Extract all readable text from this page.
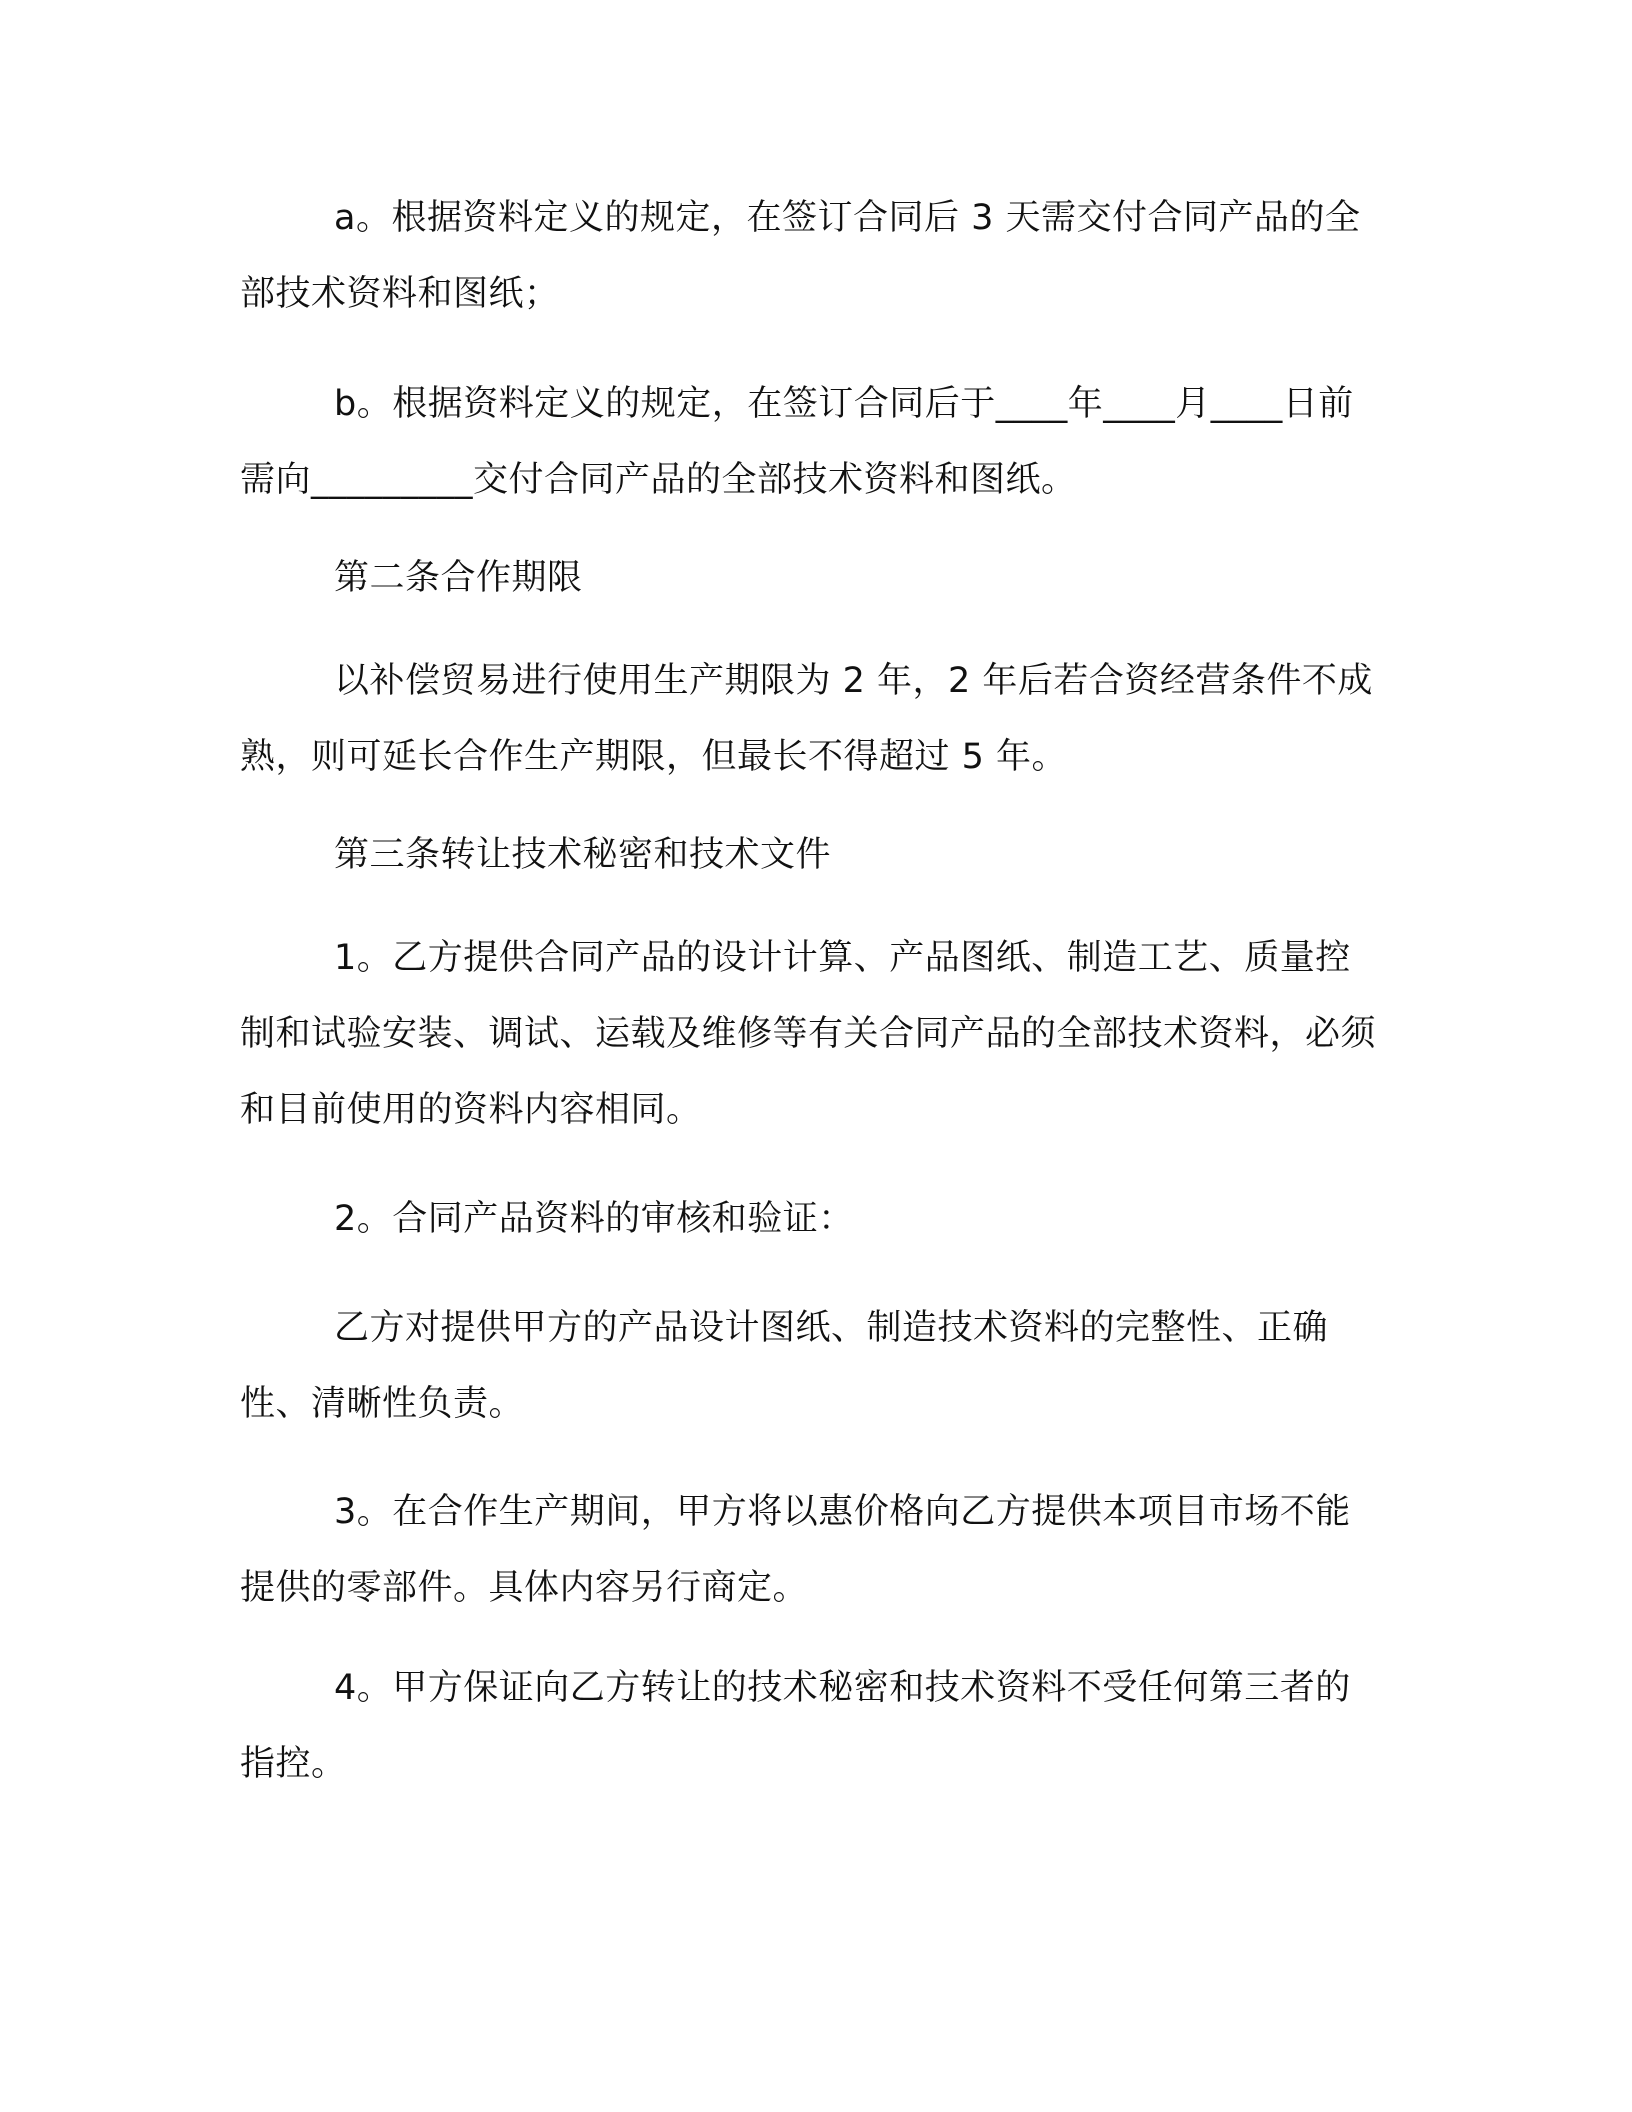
a。根据资料定义的规定，在签订合同后 3 天需交付合同产品的全部技术资料和图纸；

b。根据资料定义的规定，在签订合同后于____年____月____日前需向_________交付合同产品的全部技术资料和图纸。

第二条合作期限

以补偿贸易进行使用生产期限为 2 年，2 年后若合资经营条件不成熟，则可延长合作生产期限，但最长不得超过 5 年。

第三条转让技术秘密和技术文件

1。乙方提供合同产品的设计计算、产品图纸、制造工艺、质量控制和试验安装、调试、运载及维修等有关合同产品的全部技术资料，必须和目前使用的资料内容相同。

2。合同产品资料的审核和验证：

乙方对提供甲方的产品设计图纸、制造技术资料的完整性、正确性、清晰性负责。

3。在合作生产期间，甲方将以惠价格向乙方提供本项目市场不能提供的零部件。具体内容另行商定。

4。甲方保证向乙方转让的技术秘密和技术资料不受任何第三者的指控。
